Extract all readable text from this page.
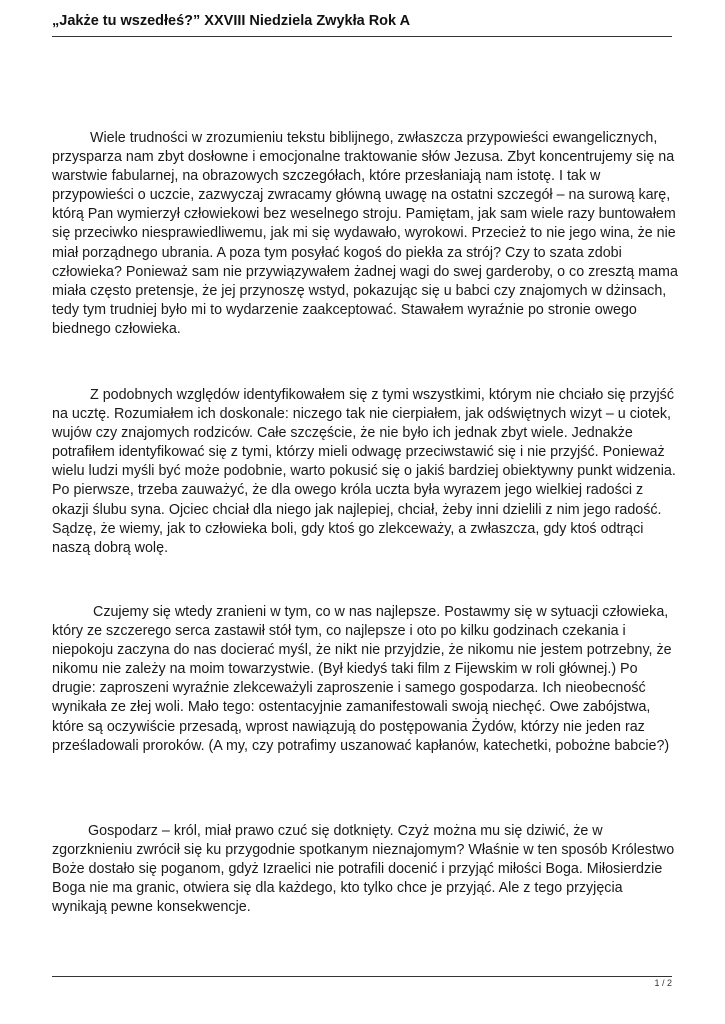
„Jakże tu wszedłeś?” XXVIII Niedziela Zwykła Rok A

Wiele trudności w zrozumieniu tekstu biblijnego, zwłaszcza przypowieści ewangelicznych, przysparza nam zbyt dosłowne i emocjonalne traktowanie słów Jezusa. Zbyt koncentrujemy się na warstwie fabularnej, na obrazowych szczegółach, które przesłaniają nam istotę. I tak w przypowieści o uczcie, zazwyczaj zwracamy główną uwagę na ostatni szczegół – na surową karę, którą Pan wymierzył człowiekowi bez weselnego stroju. Pamiętam, jak sam wiele razy buntowałem się przeciwko niesprawiedliwemu, jak mi się wydawało, wyrokowi. Przecież to nie jego wina, że nie miał porządnego ubrania. A poza tym posyłać kogoś do piekła za strój? Czy to szata zdobi człowieka? Ponieważ sam nie przywiązywałem żadnej wagi do swej garderoby, o co zresztą mama miała często pretensje, że jej przynoszę wstyd, pokazując się u babci czy znajomych w dżinsach, tedy tym trudniej było mi to wydarzenie zaakceptować. Stawałem wyraźnie po stronie owego biednego człowieka.

Z podobnych względów identyfikowałem się z tymi wszystkimi, którym nie chciało się przyjść na ucztę. Rozumiałem ich doskonale: niczego tak nie cierpiałem, jak odświętnych wizyt – u ciotek, wujów czy znajomych rodziców. Całe szczęście, że nie było ich jednak zbyt wiele. Jednakże potrafiłem identyfikować się z tymi, którzy mieli odwagę przeciwstawić się i nie przyjść. Ponieważ wielu ludzi myśli być może podobnie, warto pokusić się o jakiś bardziej obiektywny punkt widzenia. Po pierwsze, trzeba zauważyć, że dla owego króla uczta była wyrazem jego wielkiej radości z okazji ślubu syna. Ojciec chciał dla niego jak najlepiej, chciał, żeby inni dzielili z nim jego radość. Sądzę, że wiemy, jak to człowieka boli, gdy ktoś go zlekceważy, a zwłaszcza, gdy ktoś odtrąci naszą dobrą wolę.

Czujemy się wtedy zranieni w tym, co w nas najlepsze. Postawmy się w sytuacji człowieka, który ze szczerego serca zastawił stół tym, co najlepsze i oto po kilku godzinach czekania i niepokoju zaczyna do nas docierać myśl, że nikt nie przyjdzie, że nikomu nie jestem potrzebny, że nikomu nie zależy na moim towarzystwie. (Był kiedyś taki film z Fijewskim w roli głównej.) Po drugie: zaproszeni wyraźnie zlekceważyli zaproszenie i samego gospodarza. Ich nieobecność wynikała ze złej woli. Mało tego: ostentacyjnie zamanifestowali swoją niechęć. Owe zabójstwa, które są oczywiście przesadą, wprost nawiązują do postępowania Żydów, którzy nie jeden raz prześladowali proroków. (A my, czy potrafimy uszanować kapłanów, katechetki, pobożne babcie?)

Gospodarz – król, miał prawo czuć się dotknięty. Czyż można mu się dziwić, że w zgorzknieniu zwrócił się ku przygodnie spotkanym nieznajomym? Właśnie w ten sposób Królestwo Boże dostało się poganom, gdyż Izraelici nie potrafili docenić i przyjąć miłości Boga. Miłosierdzie Boga nie ma granic, otwiera się dla każdego, kto tylko chce je przyjąć. Ale z tego przyjęcia wynikają pewne konsekwencje.

1 / 2
